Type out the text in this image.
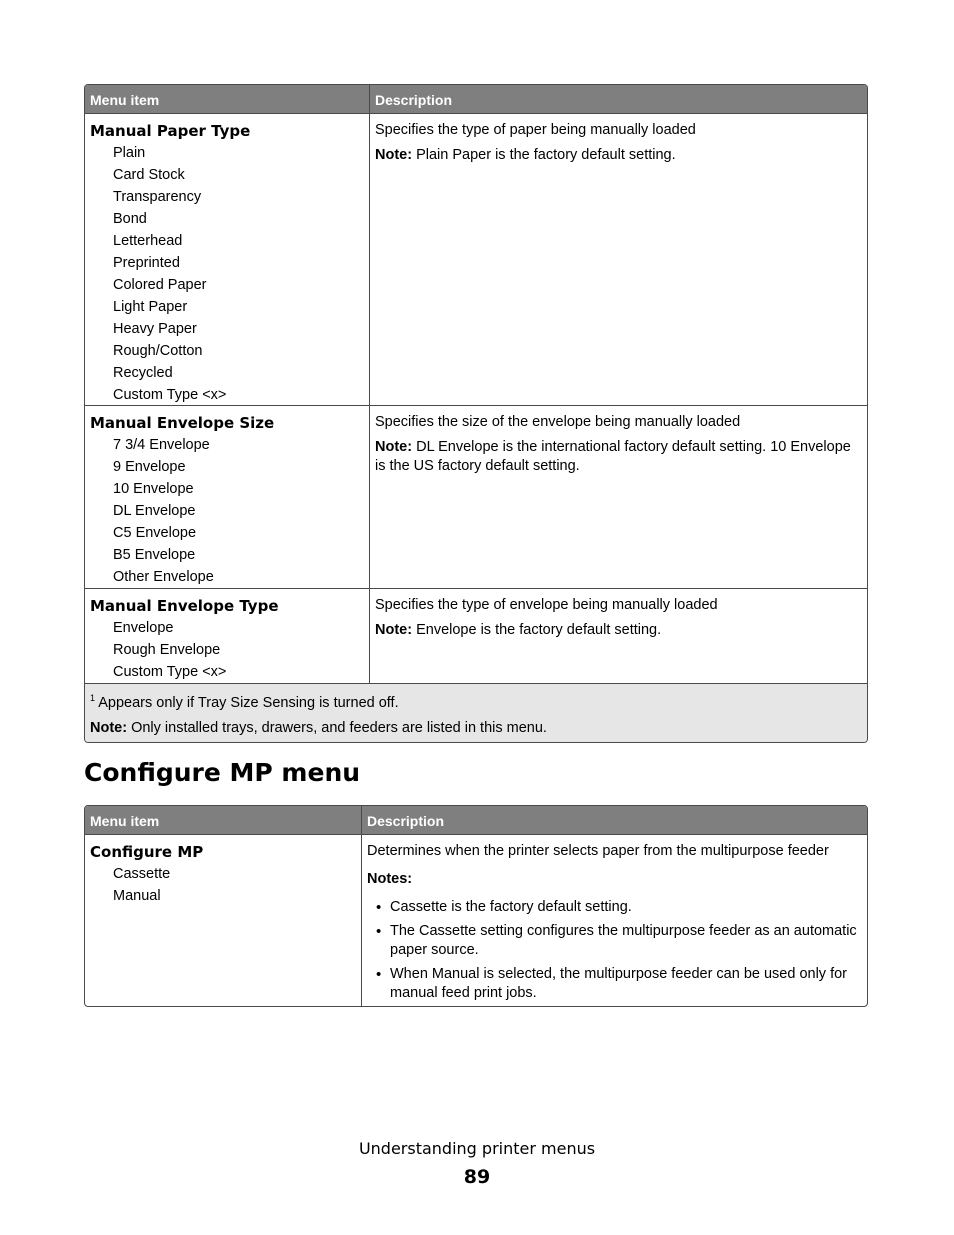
Menu item	Description
Manual Paper Type
Plain
Card Stock
Transparency
Bond
Letterhead
Preprinted
Colored Paper
Light Paper
Heavy Paper
Rough/Cotton
Recycled
Custom Type <x>
Specifies the type of paper being manually loaded
Note: Plain Paper is the factory default setting.
Manual Envelope Size
7 3/4 Envelope
9 Envelope
10 Envelope
DL Envelope
C5 Envelope
B5 Envelope
Other Envelope
Specifies the size of the envelope being manually loaded
Note: DL Envelope is the international factory default setting. 10 Envelope is the US factory default setting.
Manual Envelope Type
Envelope
Rough Envelope
Custom Type <x>
Specifies the type of envelope being manually loaded
Note: Envelope is the factory default setting.
$^1$ Appears only if Tray Size Sensing is turned off.
Note: Only installed trays, drawers, and feeders are listed in this menu.
Configure MP menu
Menu item	Description
Configure MP
Cassette
Manual
Determines when the printer selects paper from the multipurpose feeder
Notes:
• Cassette is the factory default setting.
• The Cassette setting configures the multipurpose feeder as an automatic paper source.
• When Manual is selected, the multipurpose feeder can be used only for manual feed print jobs.
Understanding printer menus
89
